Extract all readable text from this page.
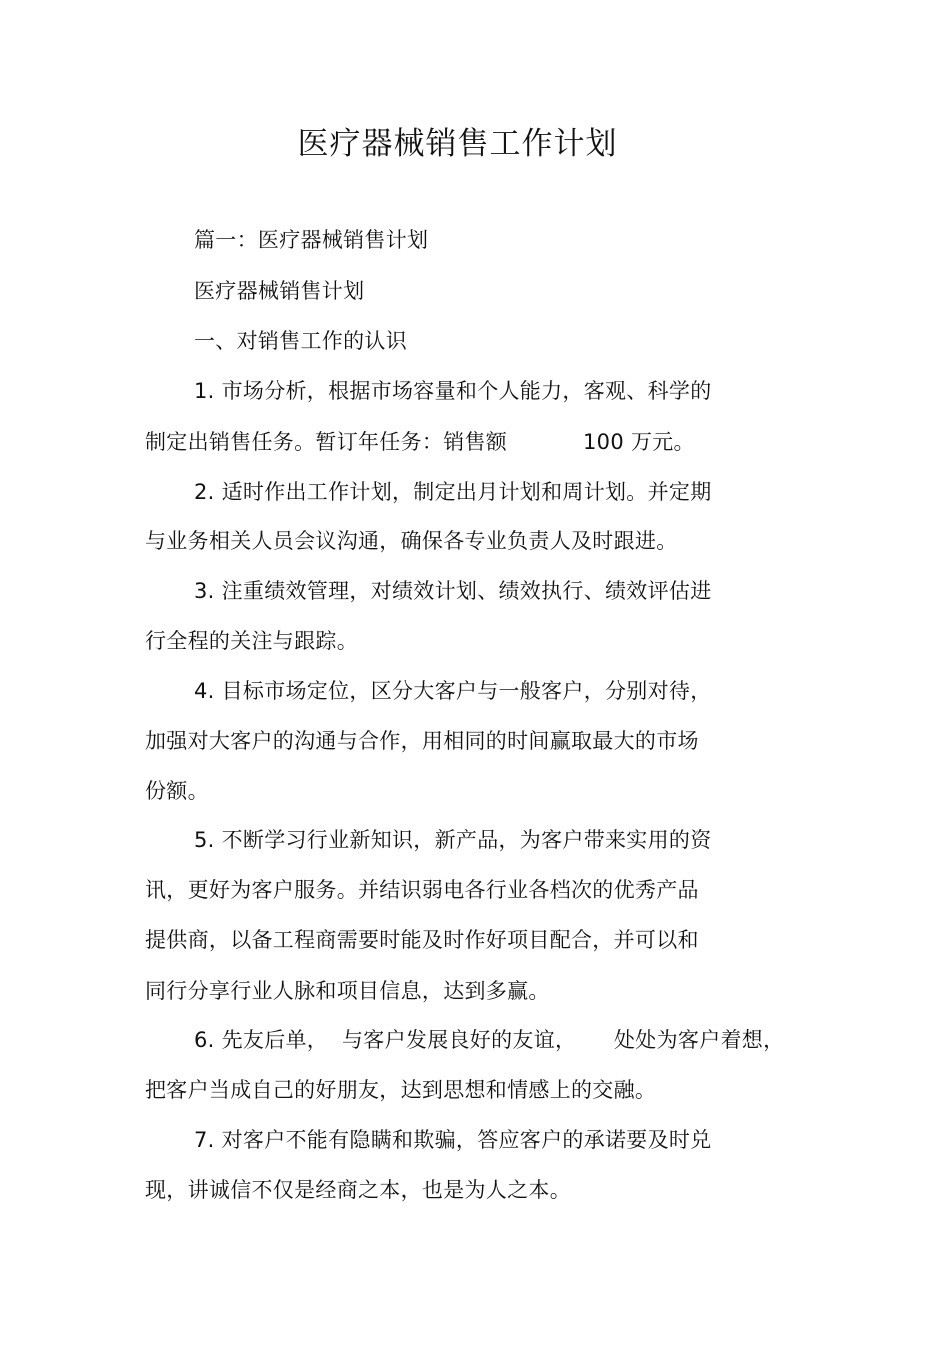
医疗器械销售工作计划
篇一：医疗器械销售计划
医疗器械销售计划
一、对销售工作的认识
1. 市场分析，根据市场容量和个人能力，客观、科学的
制定出销售任务。暂订年任务：销售额	100 万元。
2. 适时作出工作计划，制定出月计划和周计划。并定期
与业务相关人员会议沟通，确保各专业负责人及时跟进。
3. 注重绩效管理，对绩效计划、绩效执行、绩效评估进
行全程的关注与跟踪。
4. 目标市场定位，区分大客户与一般客户，分别对待，
加强对大客户的沟通与合作，用相同的时间赢取最大的市场
份额。
5. 不断学习行业新知识，新产品，为客户带来实用的资
讯，更好为客户服务。并结识弱电各行业各档次的优秀产品
提供商，以备工程商需要时能及时作好项目配合，并可以和
同行分享行业人脉和项目信息，达到多赢。
6. 先友后单， 与客户发展良好的友谊， 处处为客户着想，
把客户当成自己的好朋友，达到思想和情感上的交融。
7. 对客户不能有隐瞒和欺骗，答应客户的承诺要及时兑
现，讲诚信不仅是经商之本，也是为人之本。
